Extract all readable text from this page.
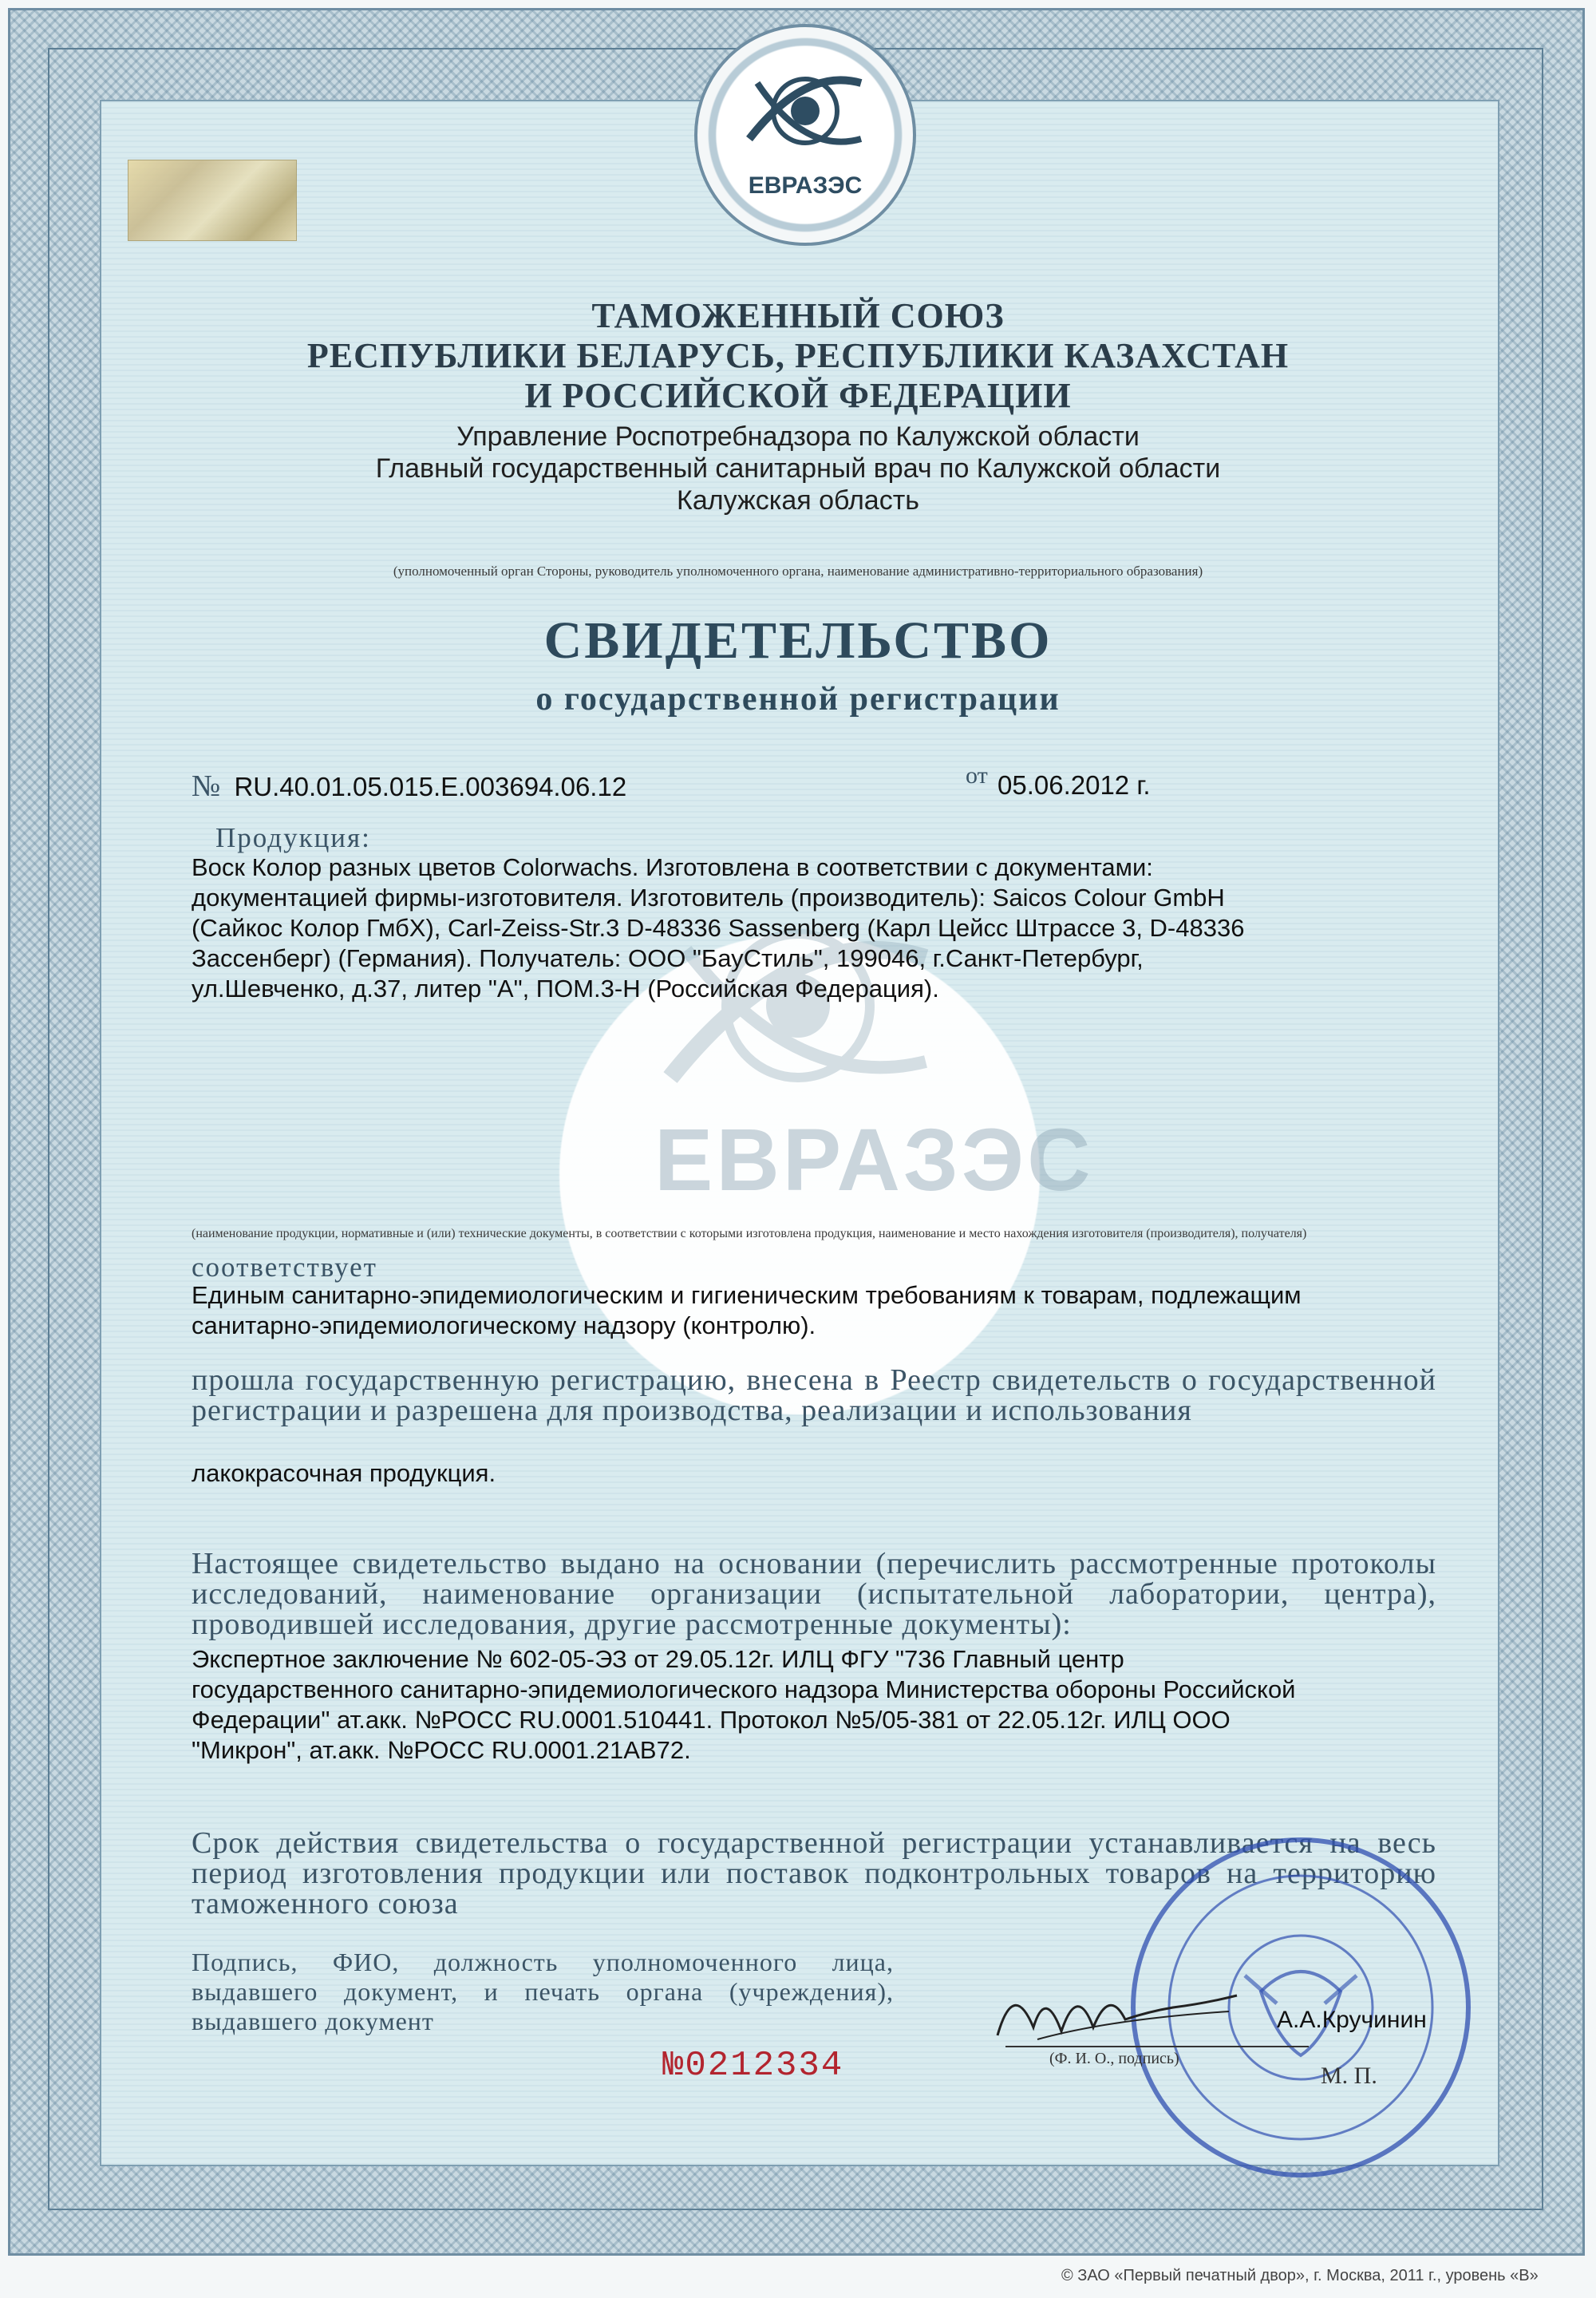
ЕВРАЗЭС
ЕВРАЗЭС
ТАМОЖЕННЫЙ СОЮЗ
РЕСПУБЛИКИ БЕЛАРУСЬ, РЕСПУБЛИКИ КАЗАХСТАН
И РОССИЙСКОЙ ФЕДЕРАЦИИ
Управление Роспотребнадзора по Калужской области
Главный государственный санитарный врач по Калужской области
Калужская область
(уполномоченный орган Стороны, руководитель уполномоченного органа, наименование административно-территориального образования)
СВИДЕТЕЛЬСТВО
о государственной регистрации
№ RU.40.01.05.015.Е.003694.06.12	от 05.06.2012 г.
Продукция:
Воск Колор разных цветов Colorwachs. Изготовлена в соответствии с документами:
документацией фирмы-изготовителя. Изготовитель (производитель): Saicos Colour GmbH
(Сайкос Колор ГмбХ), Carl-Zeiss-Str.3 D-48336 Sassenberg (Карл Цейсс Штрассе 3, D-48336
Зассенберг) (Германия). Получатель: ООО "БауСтиль", 199046, г.Санкт-Петербург,
ул.Шевченко, д.37, литер "А", ПОМ.3-Н (Российская Федерация).
(наименование продукции, нормативные и (или) технические документы, в соответствии с которыми изготовлена продукция, наименование и место нахождения изготовителя (производителя), получателя)
соответствует
Единым санитарно-эпидемиологическим и гигиеническим требованиям к товарам, подлежащим
санитарно-эпидемиологическому надзору (контролю).
прошла государственную регистрацию, внесена в Реестр свидетельств о государственной регистрации и разрешена для производства, реализации и использования
лакокрасочная продукция.
Настоящее свидетельство выдано на основании (перечислить рассмотренные протоколы исследований, наименование организации (испытательной лаборатории, центра), проводившей исследования, другие рассмотренные документы):
Экспертное заключение № 602-05-ЭЗ от 29.05.12г. ИЛЦ ФГУ "736 Главный центр
государственного санитарно-эпидемиологического надзора Министерства обороны Российской
Федерации" ат.акк. №РОСС RU.0001.510441. Протокол №5/05-381 от 22.05.12г. ИЛЦ ООО
"Микрон", ат.акк. №РОСС RU.0001.21АВ72.
Срок действия свидетельства о государственной регистрации устанавливается на весь период изготовления продукции или поставок подконтрольных товаров на территорию таможенного союза
Подпись, ФИО, должность уполномоченного лица, выдавшего документ, и печать органа (учреждения), выдавшего документ	А.А.Кручинин
(Ф. И. О., подпись)
М. П.
№0212334
© ЗАО «Первый печатный двор», г. Москва, 2011 г., уровень «В»
